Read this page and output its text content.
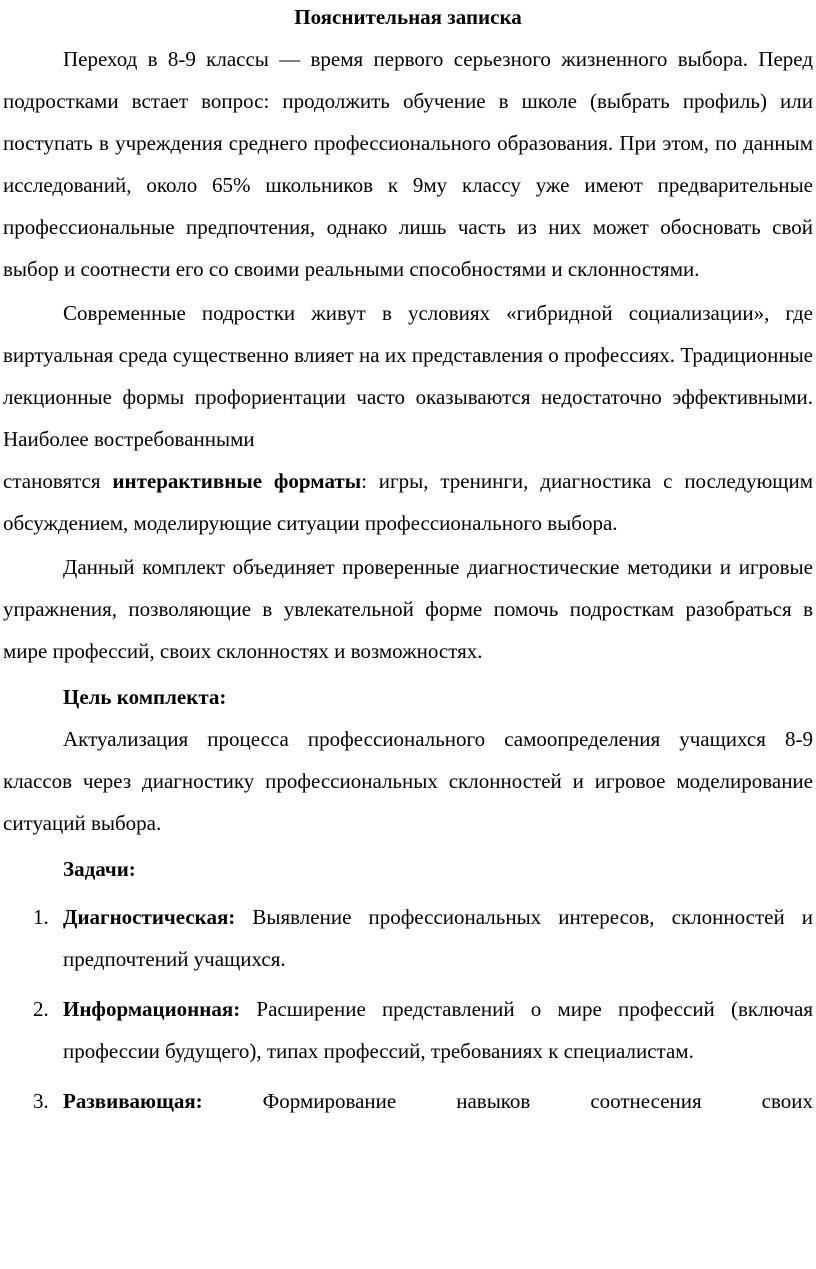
Пояснительная записка

Переход в 8-9 классы — время первого серьезного жизненного выбора. Перед подростками встает вопрос: продолжить обучение в школе (выбрать профиль) или поступать в учреждения среднего профессионального образования. При этом, по данным исследований, около 65% школьников к 9му классу уже имеют предварительные профессиональные предпочтения, однако лишь часть из них может обосновать свой выбор и соотнести его со своими реальными способностями и склонностями.

Современные подростки живут в условиях «гибридной социализации», где виртуальная среда существенно влияет на их представления о профессиях. Традиционные лекционные формы профориентации часто оказываются недостаточно эффективными. Наиболее востребованными
становятся интерактивные форматы: игры, тренинги, диагностика с последующим обсуждением, моделирующие ситуации профессионального выбора.

Данный комплект объединяет проверенные диагностические методики и игровые упражнения, позволяющие в увлекательной форме помочь подросткам разобраться в мире профессий, своих склонностях и возможностях.

Цель комплекта:

Актуализация процесса профессионального самоопределения учащихся 8-9 классов через диагностику профессиональных склонностей и игровое моделирование ситуаций выбора.

Задачи:
1. Диагностическая: Выявление профессиональных интересов, склонностей и предпочтений учащихся.
2. Информационная: Расширение представлений о мире профессий (включая профессии будущего), типах профессий, требованиях к специалистам.
3. Развивающая:	Формирование навыков соотнесения своих
